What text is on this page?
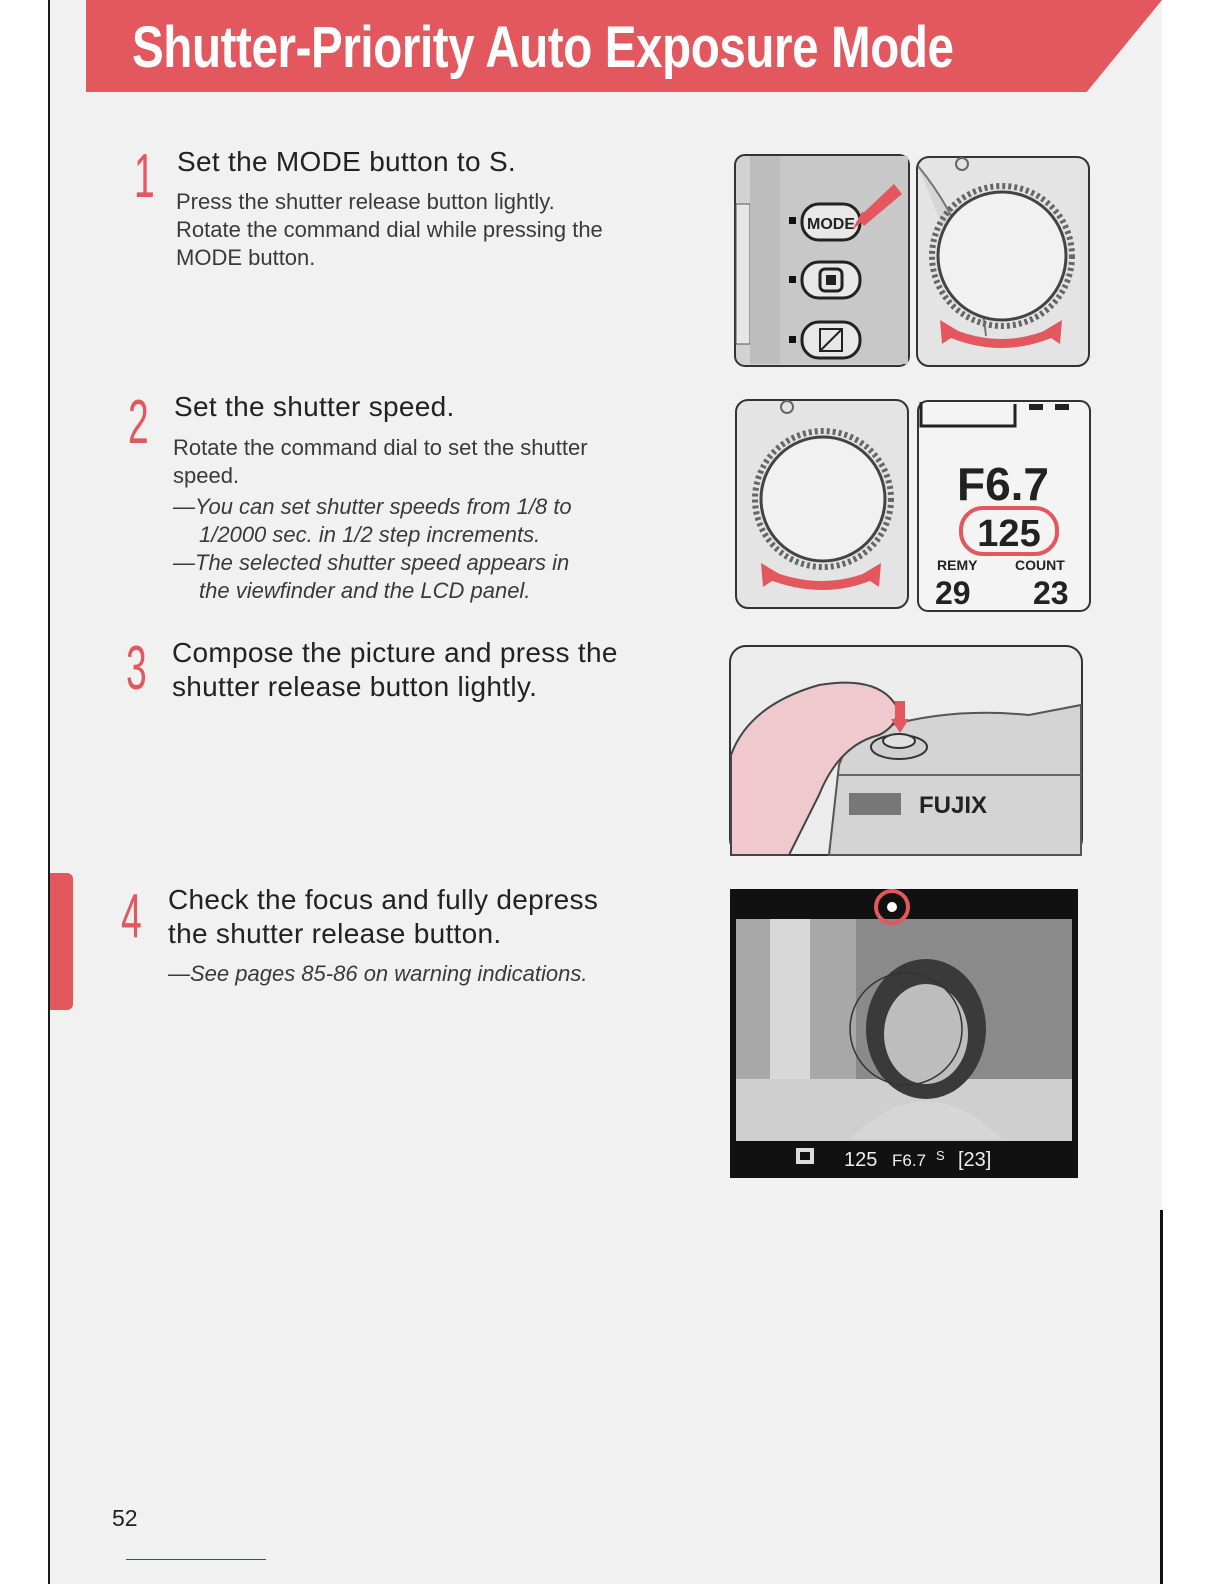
Shutter-Priority Auto Exposure Mode
1 Set the MODE button to S.
Press the shutter release button lightly.
Rotate the command dial while pressing the
MODE button.
2 Set the shutter speed.
Rotate the command dial to set the shutter
speed.
—You can set shutter speeds from 1/8 to
1/2000 sec. in 1/2 step increments.
—The selected shutter speed appears in
the viewfinder and the LCD panel.
3 Compose the picture and press the
shutter release button lightly.
4 Check the focus and fully depress
the shutter release button.
—See pages 85-86 on warning indications.
MODE
F6.7
125
REMY	COUNT
29 23
FUJIX
125 F6.7 S [23]
52
